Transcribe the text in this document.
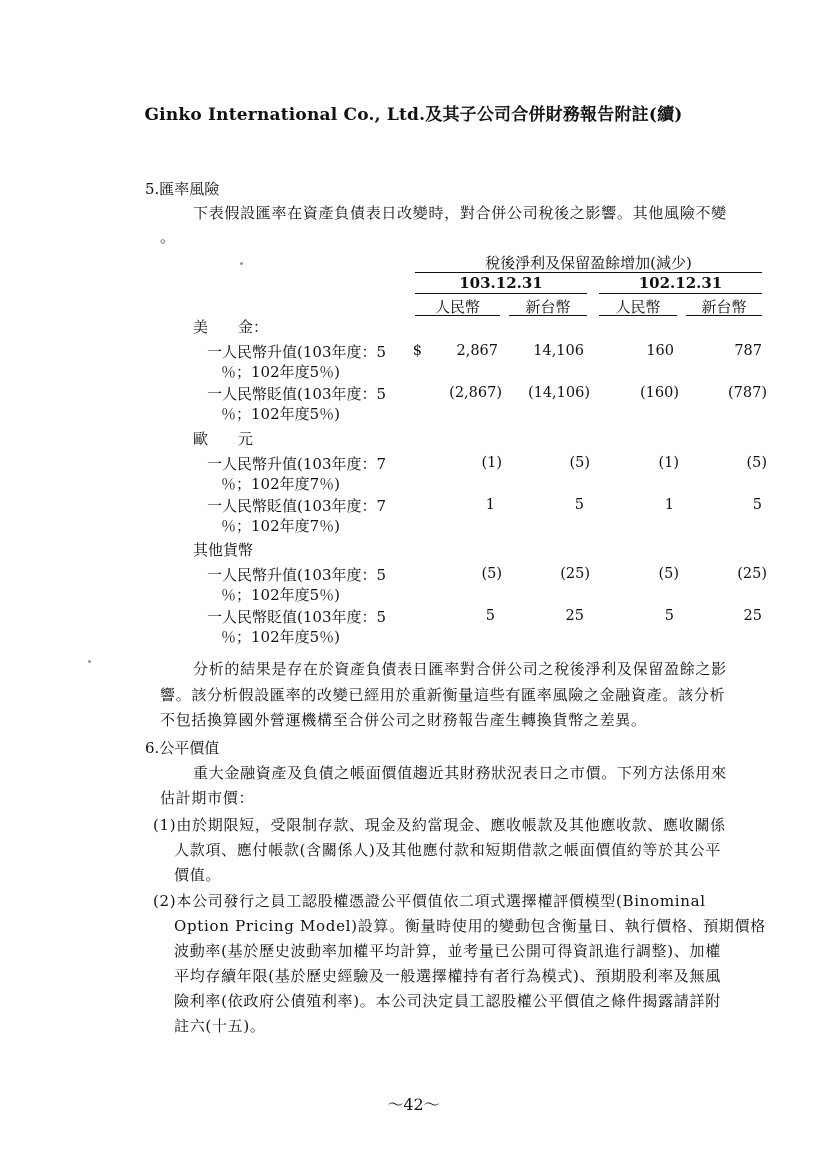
Ginko International Co., Ltd.及其子公司合併財務報告附註(續)
5.匯率風險
下表假設匯率在資產負債表日改變時，對合併公司稅後之影響。其他風險不變
。
稅後淨利及保留盈餘增加(減少)
103.12.31	102.12.31
人民幣	新台幣	人民幣	新台幣
美　　金：
一人民幣升值(103年度：5
％；102年度5％)
$	2,867	14,106	160	787
一人民幣貶值(103年度：5
％；102年度5％)
(2,867)	(14,106)	(160)	(787)
歐　　元
一人民幣升值(103年度：7
％；102年度7％)
(1)	(5)	(1)	(5)
一人民幣貶值(103年度：7
％；102年度7％)
1	5	1	5
其他貨幣
一人民幣升值(103年度：5
％；102年度5％)
(5)	(25)	(5)	(25)
一人民幣貶值(103年度：5
％；102年度5％)
5	25	5	25
分析的結果是存在於資產負債表日匯率對合併公司之稅後淨利及保留盈餘之影
響。該分析假設匯率的改變已經用於重新衡量這些有匯率風險之金融資產。該分析
不包括換算國外營運機構至合併公司之財務報告產生轉換貨幣之差異。
6.公平價值
重大金融資產及負債之帳面價值趨近其財務狀況表日之市價。下列方法係用來
估計期市價：
(1)由於期限短，受限制存款、現金及約當現金、應收帳款及其他應收款、應收關係
人款項、應付帳款(含關係人)及其他應付款和短期借款之帳面價值約等於其公平
價值。
(2)本公司發行之員工認股權憑證公平價值依二項式選擇權評價模型(Binominal
Option Pricing Model)設算。衡量時使用的變動包含衡量日、執行價格、預期價格
波動率(基於歷史波動率加權平均計算，並考量已公開可得資訊進行調整)、加權
平均存續年限(基於歷史經驗及一般選擇權持有者行為模式)、預期股利率及無風
險利率(依政府公債殖利率)。本公司決定員工認股權公平價值之條件揭露請詳附
註六(十五)。
～42～
